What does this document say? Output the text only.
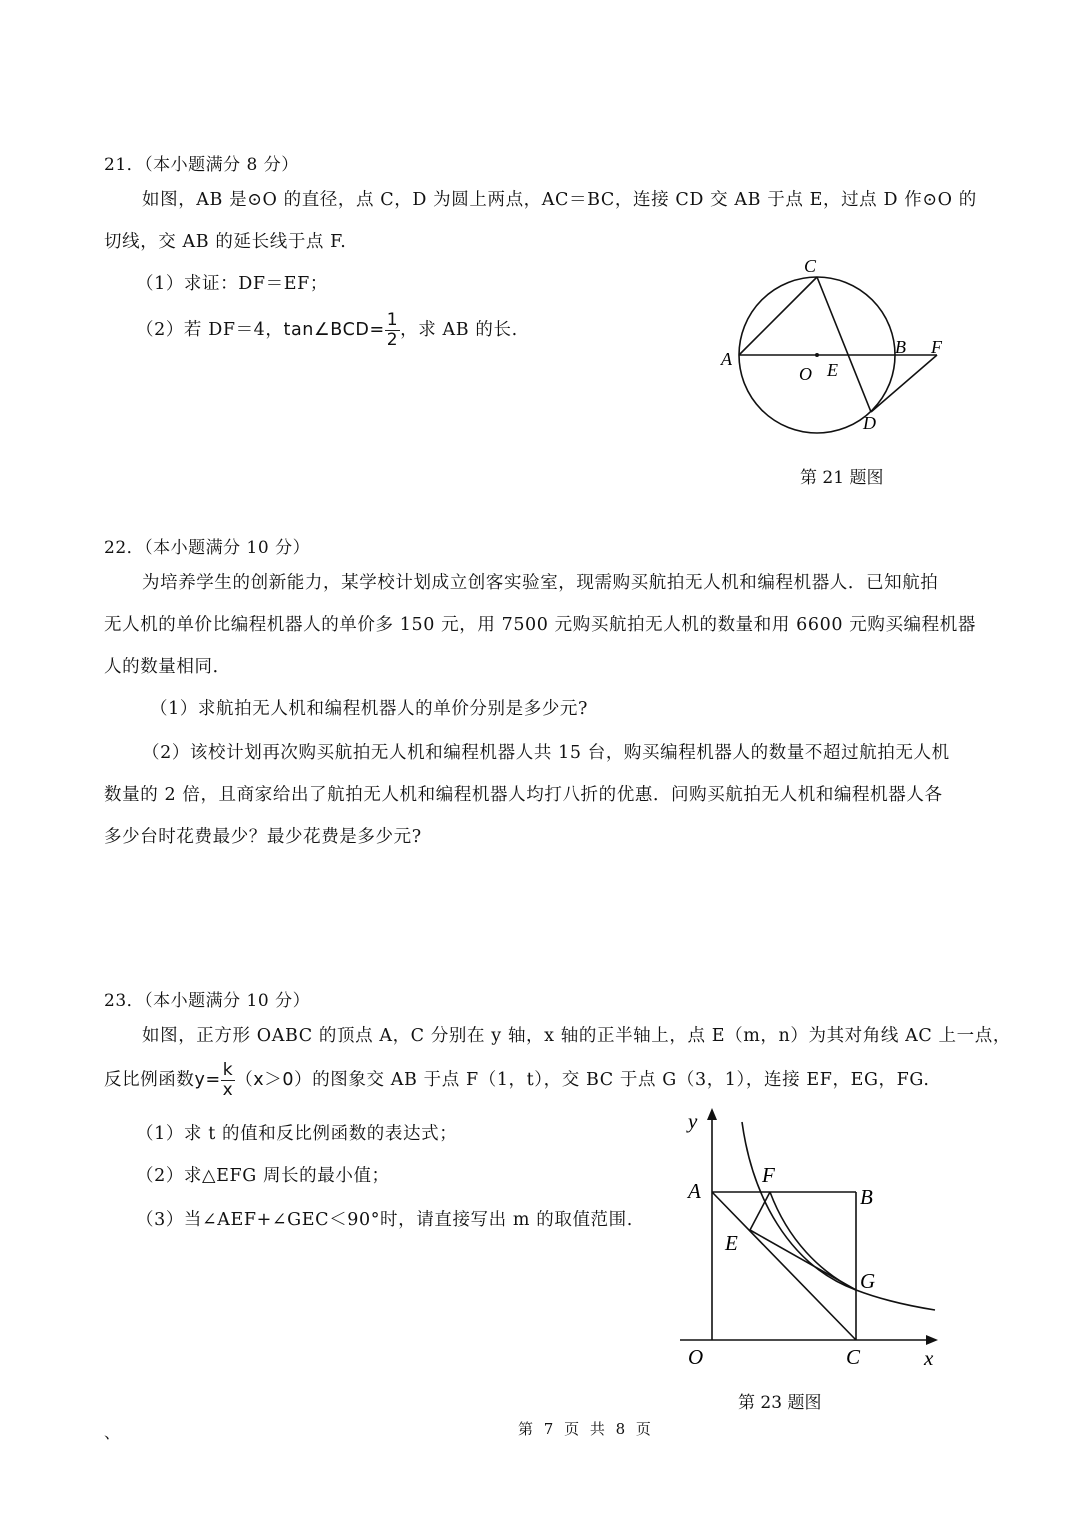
21．（本小题满分 8 分）
如图，AB 是⊙O 的直径，点 C，D 为圆上两点，AC＝BC，连接 CD 交 AB 于点 E，过点 D 作⊙O 的
切线，交 AB 的延长线于点 F.
（1）求证：DF＝EF；
（2）若 DF＝4，tan∠BCD= $\frac{1}{2}$ ，求 AB 的长.
C
A
B F
O E
D
第 21 题图
22．（本小题满分 10 分）
为培养学生的创新能力，某学校计划成立创客实验室，现需购买航拍无人机和编程机器人．已知航拍
无人机的单价比编程机器人的单价多 150 元，用 7500 元购买航拍无人机的数量和用 6600 元购买编程机器
人的数量相同．
（1）求航拍无人机和编程机器人的单价分别是多少元?
（2）该校计划再次购买航拍无人机和编程机器人共 15 台，购买编程机器人的数量不超过航拍无人机
数量的 2 倍，且商家给出了航拍无人机和编程机器人均打八折的优惠．问购买航拍无人机和编程机器人各
多少台时花费最少？最少花费是多少元?
23．（本小题满分 10 分）
如图，正方形 OABC 的顶点 A，C 分别在 y 轴，x 轴的正半轴上，点 E（m，n）为其对角线 AC 上一点，
反比例函数$y= \frac{k}{x} (x>0)$的图象交 AB 于点 F（1，t），交 BC 于点 G（3，1），连接 EF，EG，FG.
（1）求 t 的值和反比例函数的表达式；
（2）求△EFG 周长的最小值；
（3）当∠AEF+∠GEC＜90°时，请直接写出 m 的取值范围.
y
x
O
A	B
C
E
F
G
第 23 题图
、	第 7 页 共 8 页
